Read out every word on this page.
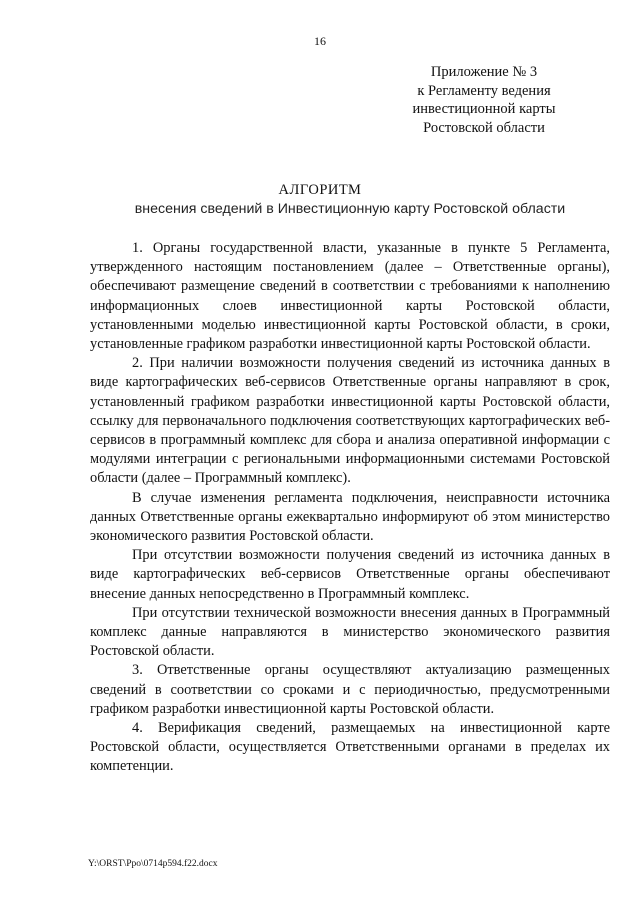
16
Приложение № 3
к Регламенту ведения
инвестиционной карты
Ростовской области
АЛГОРИТМ
внесения сведений в Инвестиционную карту Ростовской области

1. Органы государственной власти, указанные в пункте 5 Регламента, утвержденного настоящим постановлением (далее – Ответственные органы), обеспечивают размещение сведений в соответствии с требованиями к наполнению информационных слоев инвестиционной карты Ростовской области, установленными моделью инвестиционной карты Ростовской области, в сроки, установленные графиком разработки инвестиционной карты Ростовской области.

2. При наличии возможности получения сведений из источника данных в виде картографических веб-сервисов Ответственные органы направляют в срок, установленный графиком разработки инвестиционной карты Ростовской области, ссылку для первоначального подключения соответствующих картографических веб-сервисов в программный комплекс для сбора и анализа оперативной информации с модулями интеграции с региональными информационными системами Ростовской области (далее – Программный комплекс).

В случае изменения регламента подключения, неисправности источника данных Ответственные органы ежеквартально информируют об этом министерство экономического развития Ростовской области.

При отсутствии возможности получения сведений из источника данных в виде картографических веб-сервисов Ответственные органы обеспечивают внесение данных непосредственно в Программный комплекс.

При отсутствии технической возможности внесения данных в Программный комплекс данные направляются в министерство экономического развития Ростовской области.

3. Ответственные органы осуществляют актуализацию размещенных сведений в соответствии со сроками и с периодичностью, предусмотренными графиком разработки инвестиционной карты Ростовской области.

4. Верификация сведений, размещаемых на инвестиционной карте Ростовской области, осуществляется Ответственными органами в пределах их компетенции.

Y:\ORST\Ppo\0714p594.f22.docx
